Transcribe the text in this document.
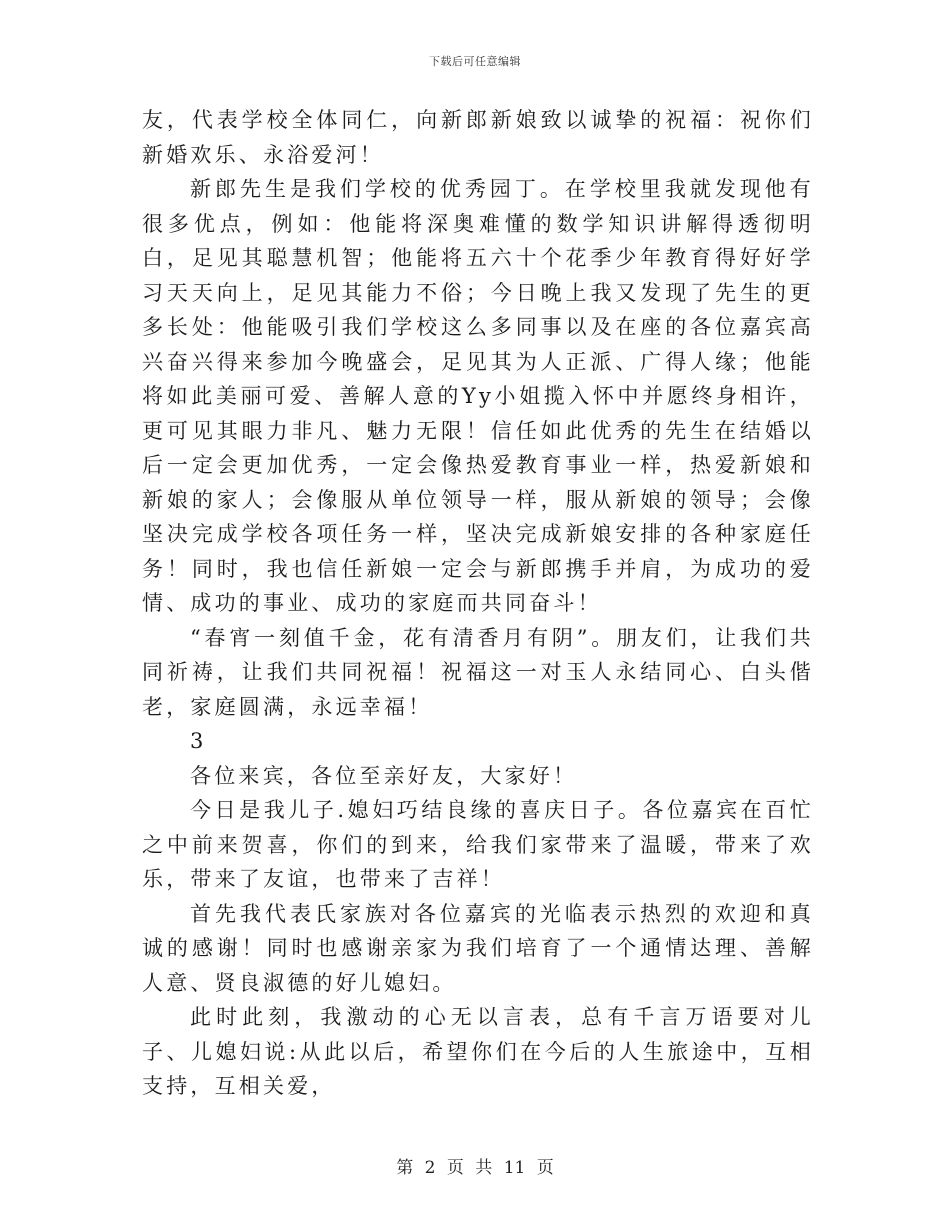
下载后可任意编辑

友，代表学校全体同仁，向新郎新娘致以诚挚的祝福：祝你们新婚欢乐、永浴爱河！

新郎先生是我们学校的优秀园丁。在学校里我就发现他有很多优点，例如：他能将深奥难懂的数学知识讲解得透彻明白，足见其聪慧机智；他能将五六十个花季少年教育得好好学习天天向上，足见其能力不俗；今日晚上我又发现了先生的更多长处：他能吸引我们学校这么多同事以及在座的各位嘉宾高兴奋兴得来参加今晚盛会，足见其为人正派、广得人缘；他能将如此美丽可爱、善解人意的Yy小姐揽入怀中并愿终身相许，更可见其眼力非凡、魅力无限！信任如此优秀的先生在结婚以后一定会更加优秀，一定会像热爱教育事业一样，热爱新娘和新娘的家人；会像服从单位领导一样，服从新娘的领导；会像坚决完成学校各项任务一样，坚决完成新娘安排的各种家庭任务！同时，我也信任新娘一定会与新郎携手并肩，为成功的爱情、成功的事业、成功的家庭而共同奋斗！

“春宵一刻值千金，花有清香月有阴”。朋友们，让我们共同祈祷，让我们共同祝福！祝福这一对玉人永结同心、白头偕老，家庭圆满，永远幸福！

3

各位来宾，各位至亲好友，大家好！

今日是我儿子.媳妇巧结良缘的喜庆日子。各位嘉宾在百忙之中前来贺喜，你们的到来，给我们家带来了温暖，带来了欢乐，带来了友谊，也带来了吉祥！

首先我代表氏家族对各位嘉宾的光临表示热烈的欢迎和真诚的感谢！同时也感谢亲家为我们培育了一个通情达理、善解人意、贤良淑德的好儿媳妇。

此时此刻，我激动的心无以言表，总有千言万语要对儿子、儿媳妇说:从此以后，希望你们在今后的人生旅途中，互相支持，互相关爱，

第 2 页 共 11 页
